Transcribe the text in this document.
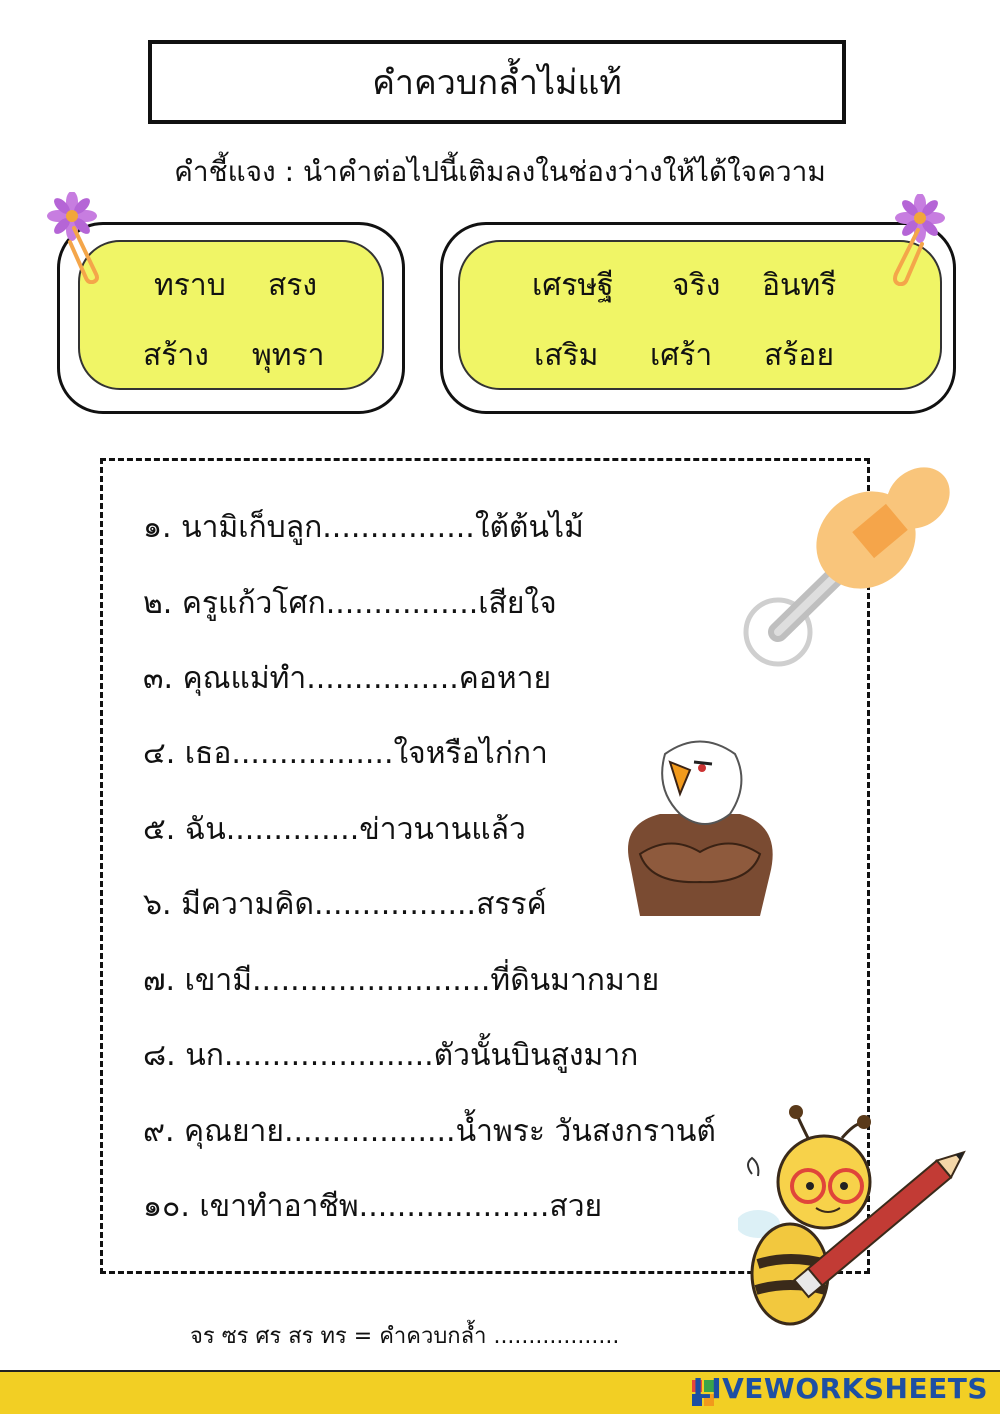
คำควบกล้ำไม่แท้
คำชี้แจง : นำคำต่อไปนี้เติมลงในช่องว่างให้ได้ใจความ
ทราบ สรง
สร้าง พุทรา
เศรษฐี จริง อินทรี
เสริม เศร้า สร้อย
๑. นามิเก็บลูก................ใต้ต้นไม้
๒. ครูแก้วโศก................เสียใจ
๓. คุณแม่ทำ................คอหาย
๔. เธอ.................ใจหรือไก่กา
๕. ฉัน..............ข่าวนานแล้ว
๖. มีความคิด.................สรรค์
๗. เขามี.........................ที่ดินมากมาย
๘. นก......................ตัวนั้นบินสูงมาก
๙. คุณยาย..................น้ำพระ วันสงกรานต์
๑๐. เขาทำอาชีพ....................สวย
จร ซร ศร สร ทร = คำควบกล้ำ ..................
LIVEWORKSHEETS
